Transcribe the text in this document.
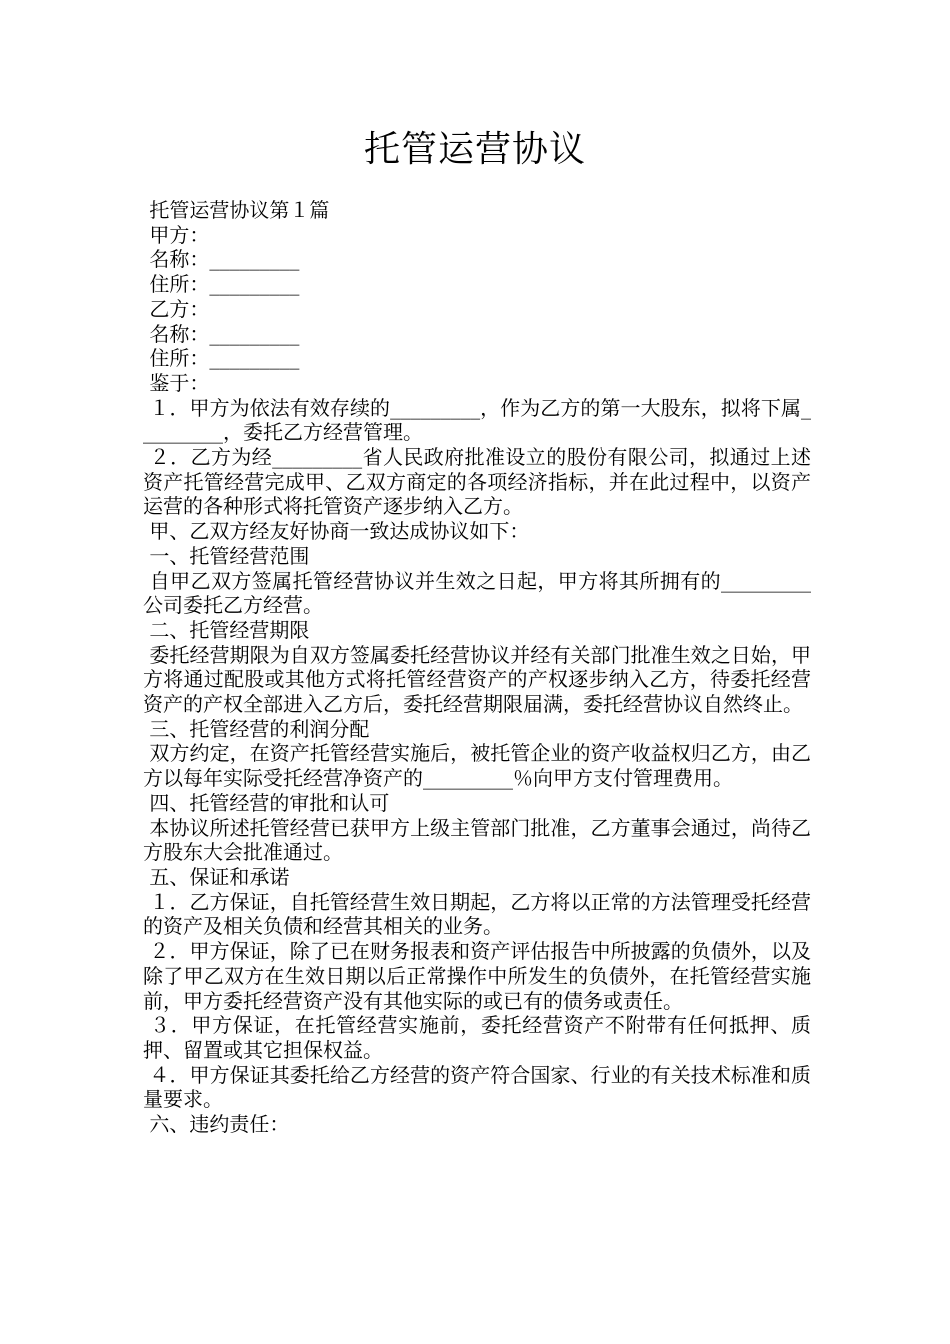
托管运营协议

托管运营协议第１篇

甲方：

名称：_________

住所：_________

乙方：

名称：_________

住所：_________

鉴于：

１．甲方为依法有效存续的_________，作为乙方的第一大股东，拟将下属_________，委托乙方经营管理。

２．乙方为经_________省人民政府批准设立的股份有限公司，拟通过上述资产托管经营完成甲、乙双方商定的各项经济指标，并在此过程中，以资产运营的各种形式将托管资产逐步纳入乙方。

甲、乙双方经友好协商一致达成协议如下：

一、托管经营范围

自甲乙双方签属托管经营协议并生效之日起，甲方将其所拥有的_________公司委托乙方经营。

二、托管经营期限

委托经营期限为自双方签属委托经营协议并经有关部门批准生效之日始，甲方将通过配股或其他方式将托管经营资产的产权逐步纳入乙方，待委托经营资产的产权全部进入乙方后，委托经营期限届满，委托经营协议自然终止。

三、托管经营的利润分配

双方约定，在资产托管经营实施后，被托管企业的资产收益权归乙方，由乙方以每年实际受托经营净资产的_________％向甲方支付管理费用。

四、托管经营的审批和认可

本协议所述托管经营已获甲方上级主管部门批准，乙方董事会通过，尚待乙方股东大会批准通过。

五、保证和承诺

１．乙方保证，自托管经营生效日期起，乙方将以正常的方法管理受托经营的资产及相关负债和经营其相关的业务。

２．甲方保证，除了已在财务报表和资产评估报告中所披露的负债外，以及除了甲乙双方在生效日期以后正常操作中所发生的负债外，在托管经营实施前，甲方委托经营资产没有其他实际的或已有的债务或责任。

３．甲方保证，在托管经营实施前，委托经营资产不附带有任何抵押、质押、留置或其它担保权益。

４．甲方保证其委托给乙方经营的资产符合国家、行业的有关技术标准和质量要求。

六、违约责任：
